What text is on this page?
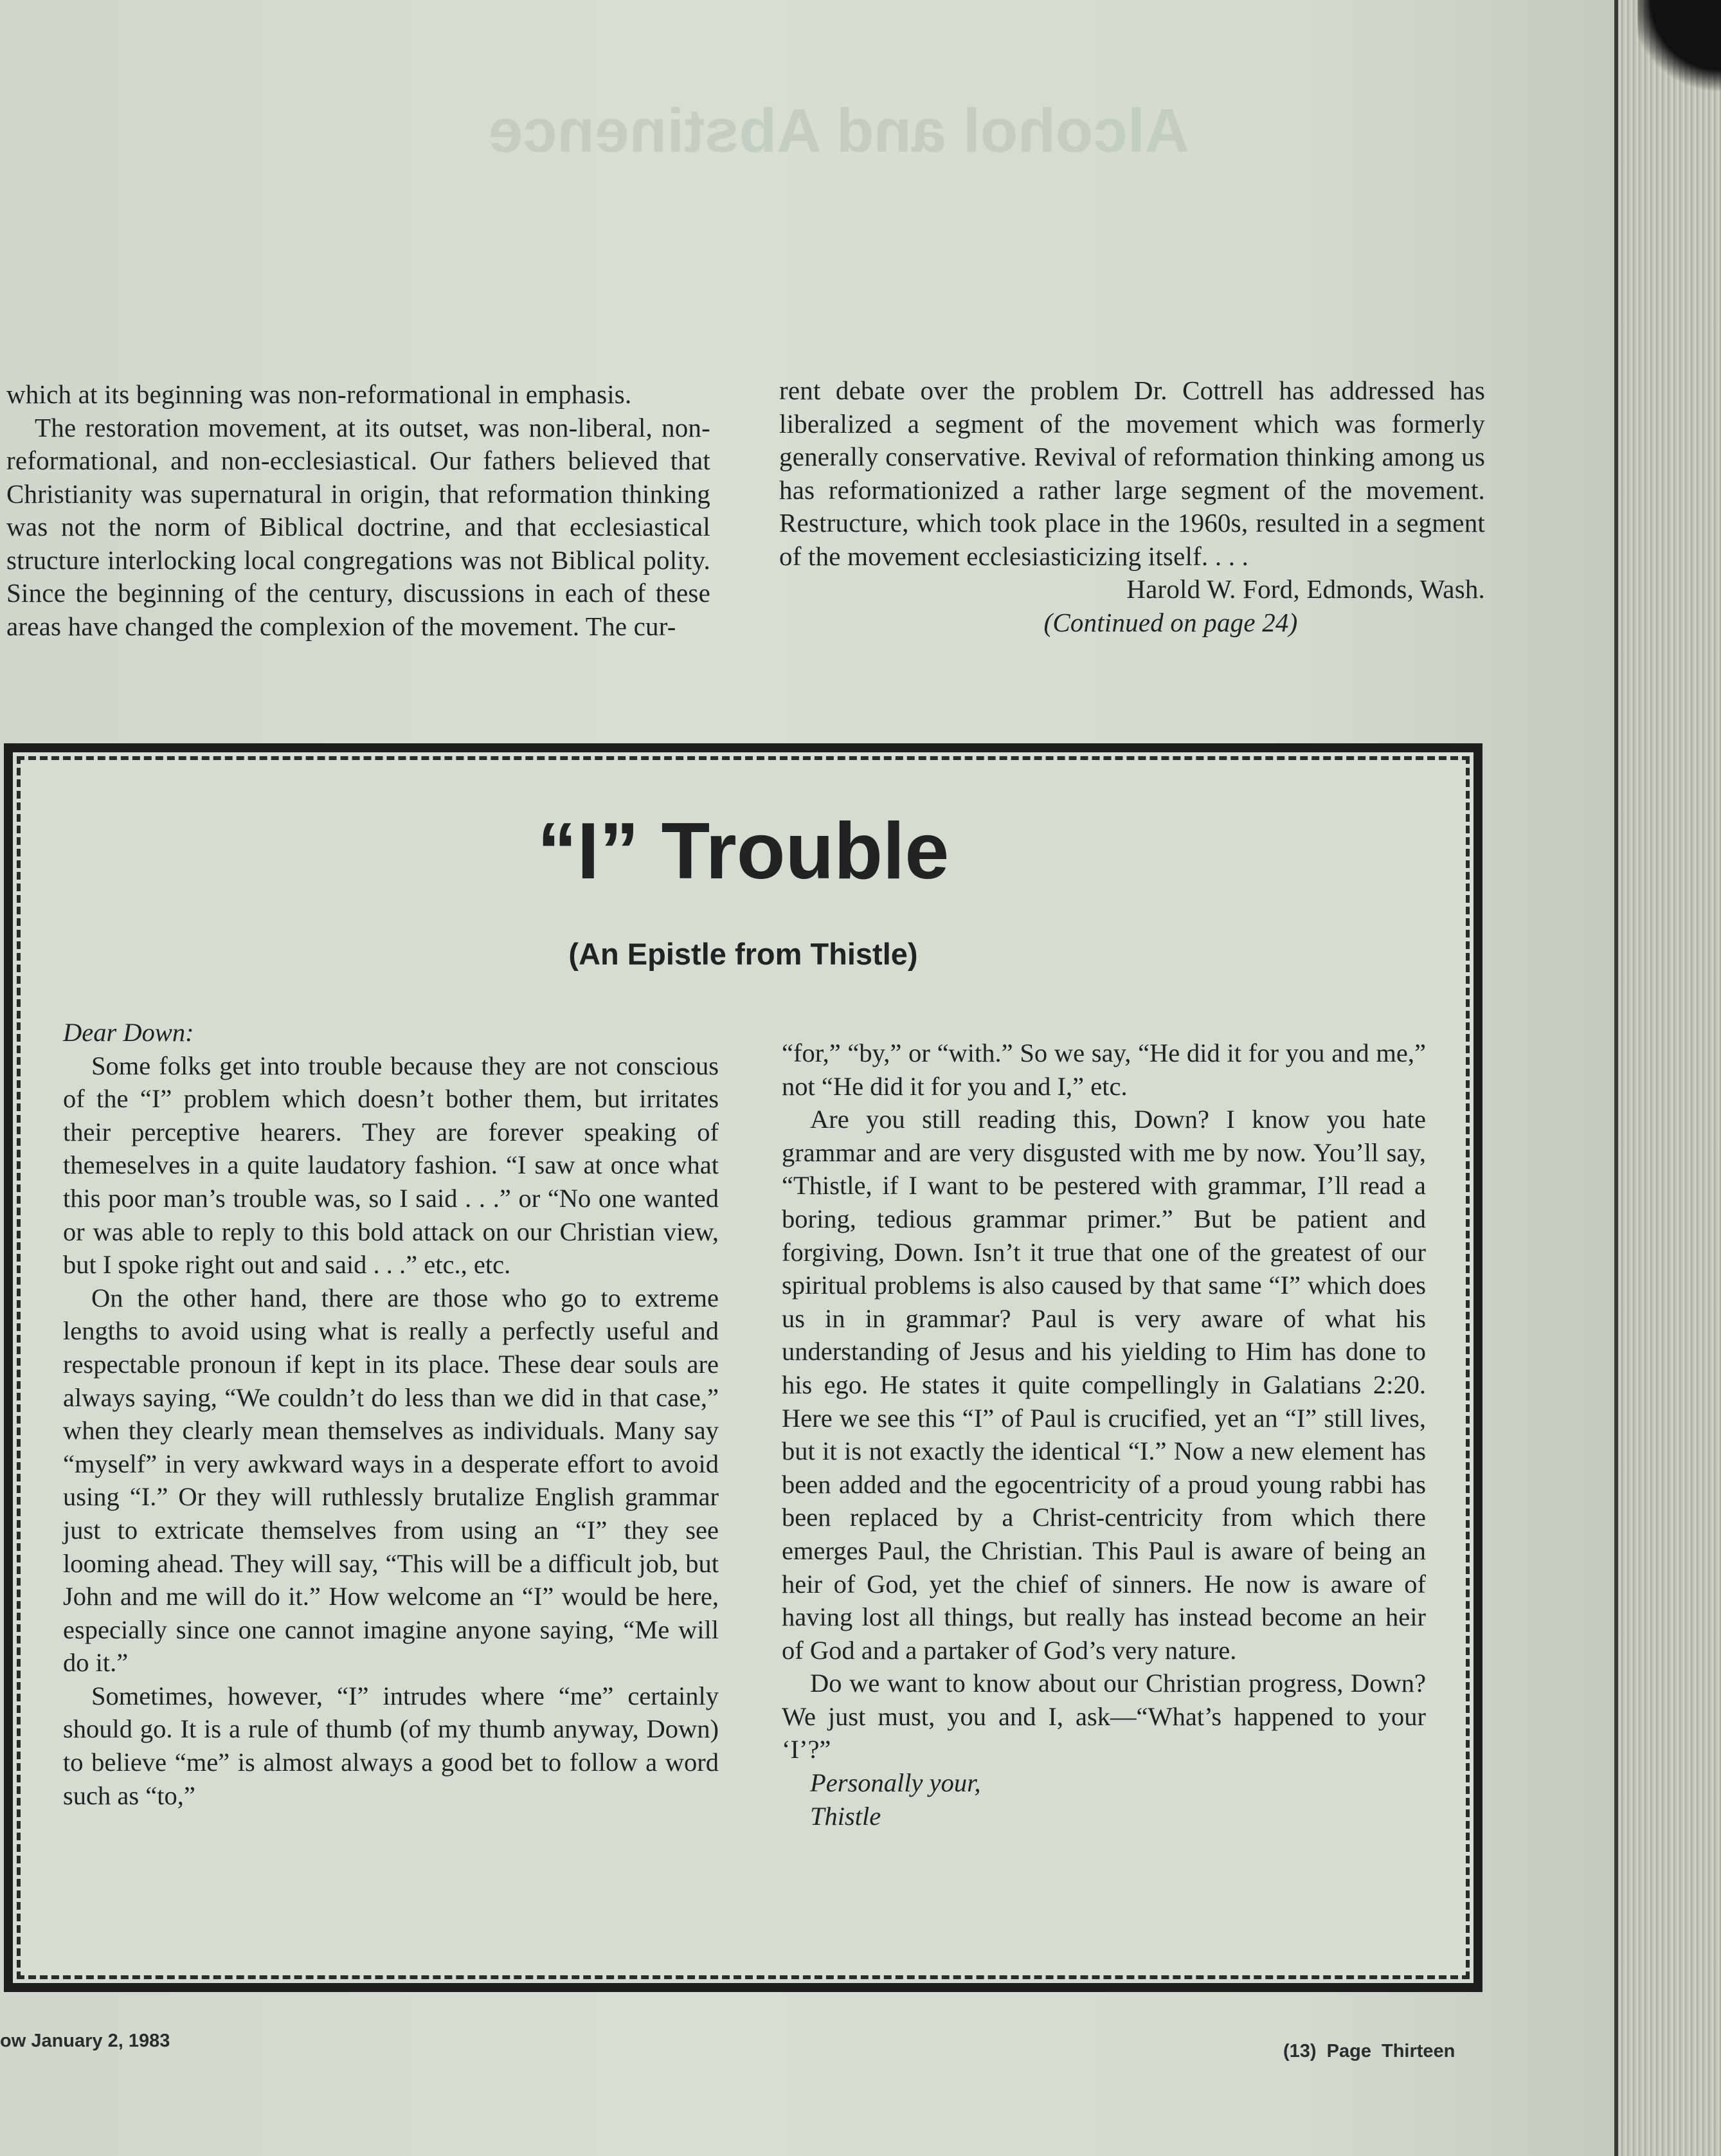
Alcohol and Abstinence

which at its beginning was non-reformational in emphasis.

The restoration movement, at its outset, was non-liberal, non-reformational, and non-ecclesiastical. Our fathers believed that Christianity was supernatural in origin, that reformation thinking was not the norm of Biblical doctrine, and that ecclesiastical structure interlocking local congregations was not Biblical polity. Since the beginning of the century, discussions in each of these areas have changed the complexion of the movement. The cur-

rent debate over the problem Dr. Cottrell has addressed has liberalized a segment of the movement which was formerly generally conservative. Revival of reformation thinking among us has reformationized a rather large segment of the movement. Restructure, which took place in the 1960s, resulted in a segment of the movement ecclesiasticizing itself. . . .

Harold W. Ford, Edmonds, Wash.

(Continued on page 24)

“I” Trouble
(An Epistle from Thistle)

Dear Down:

Some folks get into trouble because they are not conscious of the “I” problem which doesn’t bother them, but irritates their perceptive hearers. They are forever speaking of themeselves in a quite laudatory fashion. “I saw at once what this poor man’s trouble was, so I said . . .” or “No one wanted or was able to reply to this bold attack on our Christian view, but I spoke right out and said . . .” etc., etc.

On the other hand, there are those who go to extreme lengths to avoid using what is really a perfectly useful and respectable pronoun if kept in its place. These dear souls are always saying, “We couldn’t do less than we did in that case,” when they clearly mean themselves as individuals. Many say “myself” in very awkward ways in a desperate effort to avoid using “I.” Or they will ruthlessly brutalize English grammar just to extricate themselves from using an “I” they see looming ahead. They will say, “This will be a difficult job, but John and me will do it.” How welcome an “I” would be here, especially since one cannot imagine anyone saying, “Me will do it.”

Sometimes, however, “I” intrudes where “me” certainly should go. It is a rule of thumb (of my thumb anyway, Down) to believe “me” is almost always a good bet to follow a word such as “to,”

“for,” “by,” or “with.” So we say, “He did it for you and me,” not “He did it for you and I,” etc.

Are you still reading this, Down? I know you hate grammar and are very disgusted with me by now. You’ll say, “Thistle, if I want to be pestered with grammar, I’ll read a boring, tedious grammar primer.” But be patient and forgiving, Down. Isn’t it true that one of the greatest of our spiritual problems is also caused by that same “I” which does us in in grammar? Paul is very aware of what his understanding of Jesus and his yielding to Him has done to his ego. He states it quite compellingly in Galatians 2:20. Here we see this “I” of Paul is crucified, yet an “I” still lives, but it is not exactly the identical “I.” Now a new element has been added and the egocentricity of a proud young rabbi has been replaced by a Christ-centricity from which there emerges Paul, the Christian. This Paul is aware of being an heir of God, yet the chief of sinners. He now is aware of having lost all things, but really has instead become an heir of God and a partaker of God’s very nature.

Do we want to know about our Christian progress, Down? We just must, you and I, ask—“What’s happened to your ‘I’?”

Personally your,

Thistle

ow January 2, 1983	(13) Page Thirteen
